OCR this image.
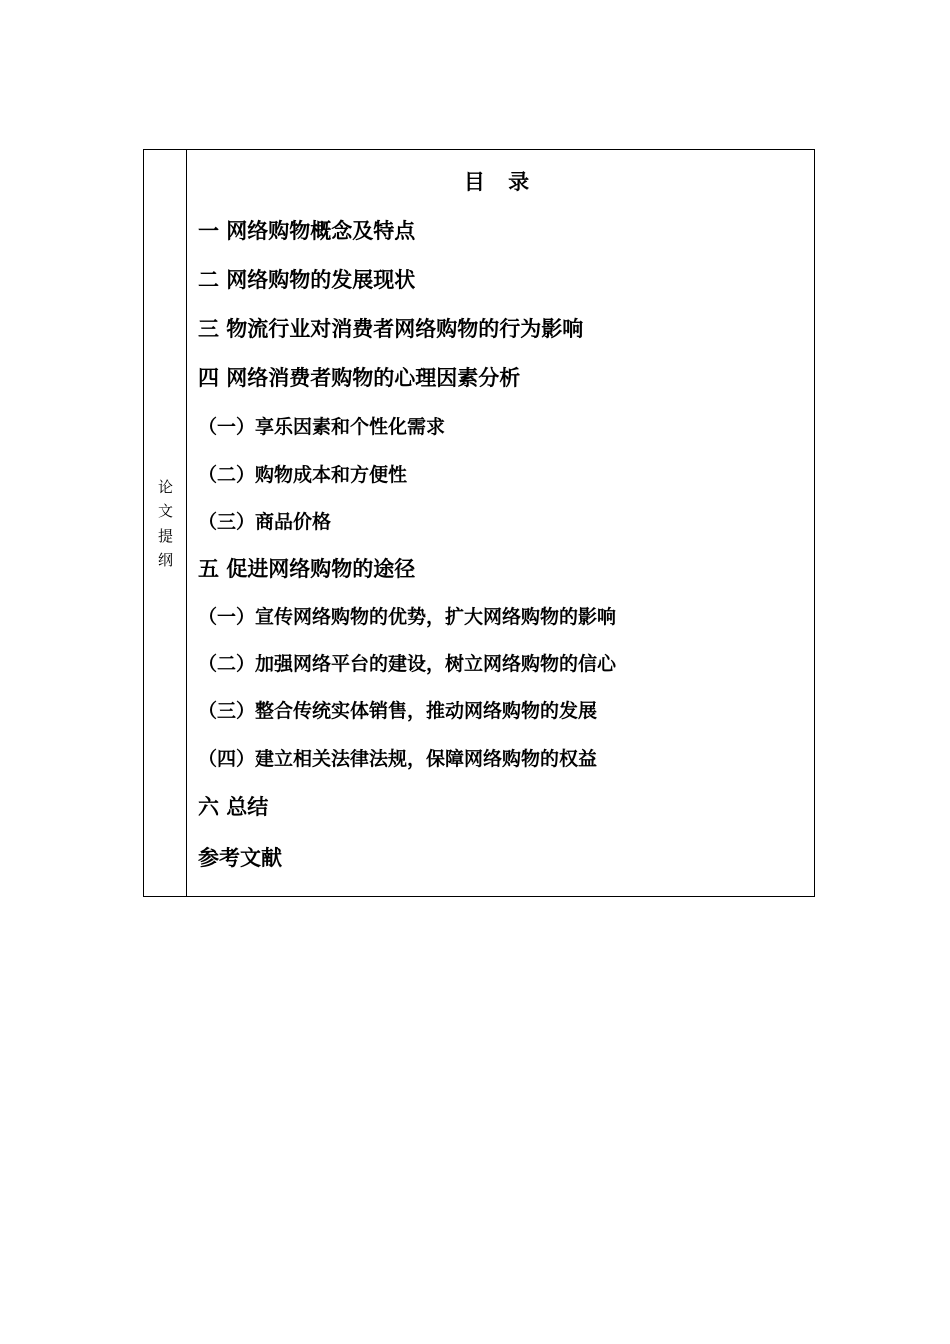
论
文
提
纲
目 录
一 网络购物概念及特点
二 网络购物的发展现状
三 物流行业对消费者网络购物的行为影响
四 网络消费者购物的心理因素分析
（一）享乐因素和个性化需求
（二）购物成本和方便性
（三）商品价格
五 促进网络购物的途径
（一）宣传网络购物的优势，扩大网络购物的影响
（二）加强网络平台的建设，树立网络购物的信心
（三）整合传统实体销售，推动网络购物的发展
（四）建立相关法律法规，保障网络购物的权益
六 总结
参考文献
